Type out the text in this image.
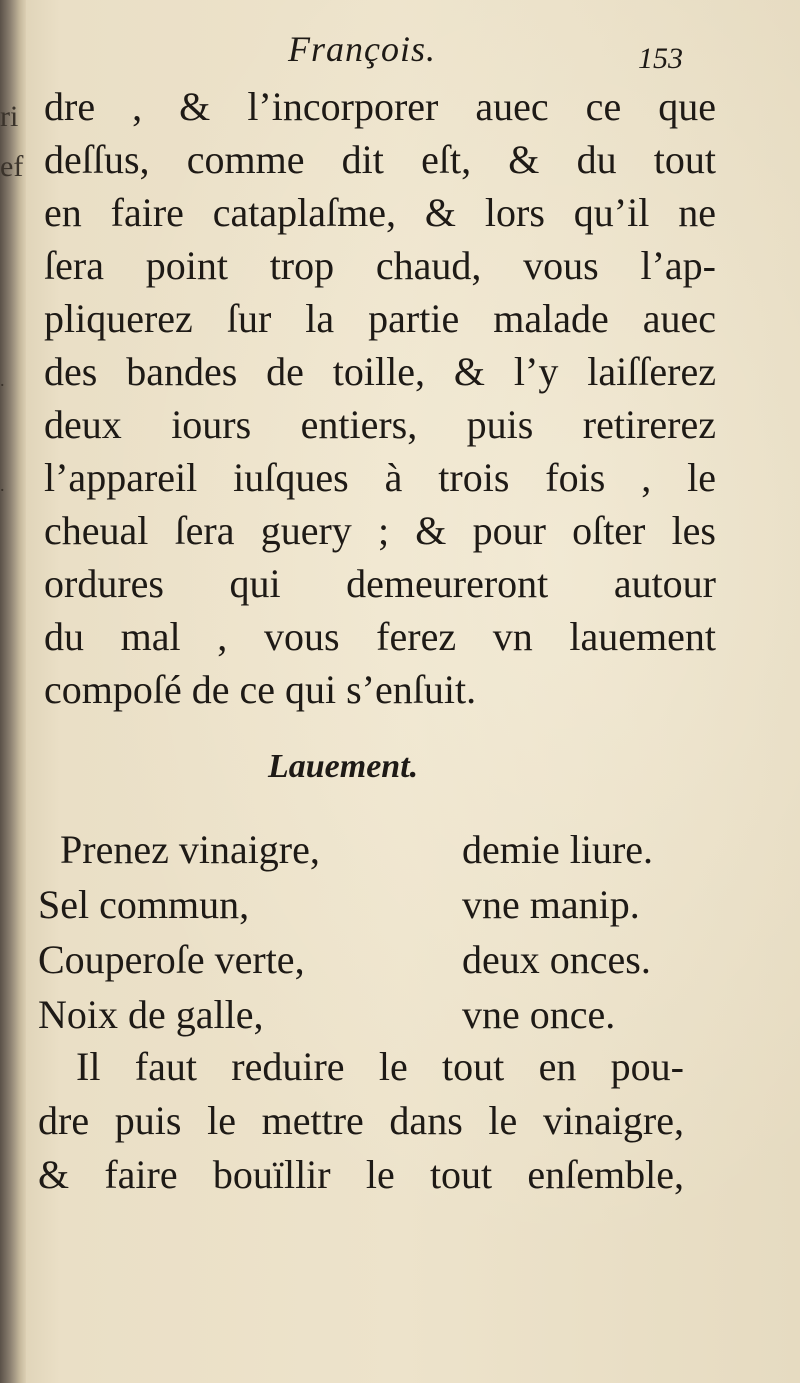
ri
ef
.
.
François.	153
dre , & l’incorporer auec ce que
deſſus, comme dit eſt, & du tout
en faire cataplaſme, & lors qu’il ne
ſera point trop chaud, vous l’ap-
pliquerez ſur la partie malade auec
des bandes de toille, & l’y laiſſerez
deux iours entiers, puis retirerez
l’appareil iuſques à trois fois , le
cheual ſera guery ; & pour oſter les
ordures qui demeureront autour
du mal , vous ferez vn lauement
compoſé de ce qui s’enſuit.
Lauement.
Prenez vinaigre,	demie liure.
Sel commun,	vne manip.
Couperoſe verte,	deux onces.
Noix de galle,	vne once.
Il faut reduire le tout en pou-
dre puis le mettre dans le vinaigre,
& faire bouïllir le tout enſemble,
